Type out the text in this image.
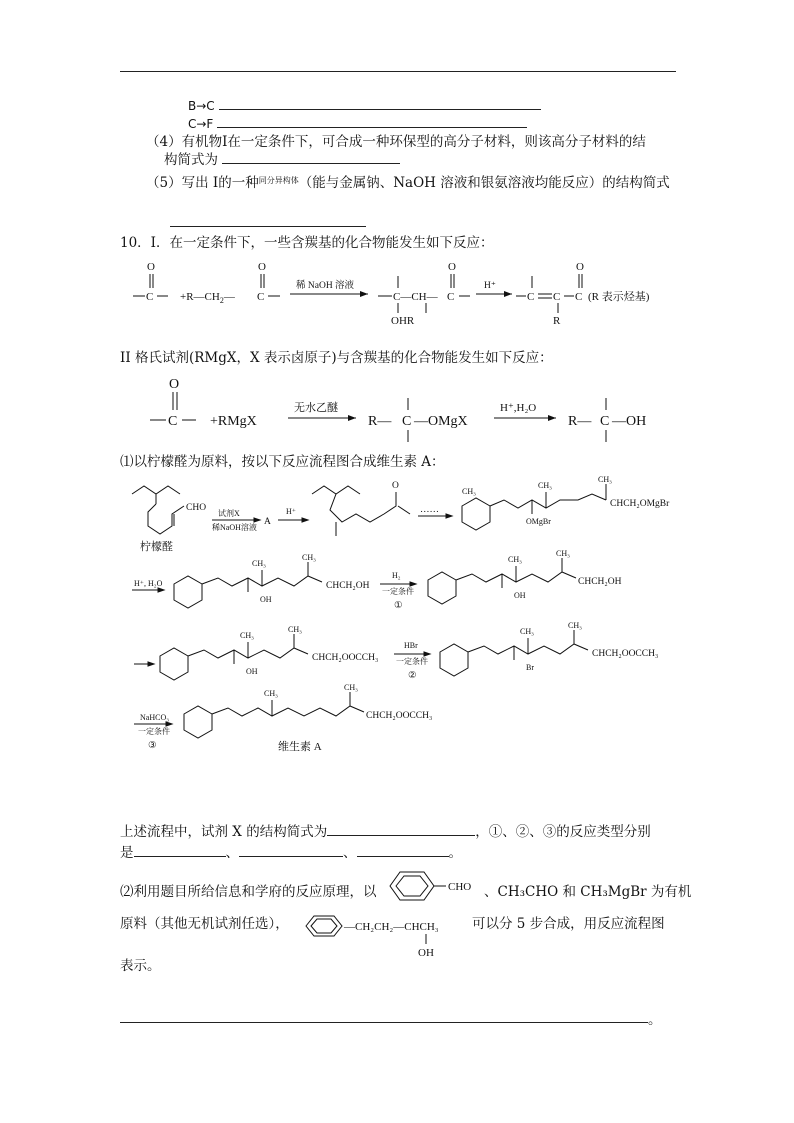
B→C
C→F
（4）有机物Ⅰ在一定条件下，可合成一种环保型的高分子材料，则该高分子材料的结
构简式为
（5）写出 Ⅰ的一种$^{同分异构体}$（能与金属钠、NaOH 溶液和银氨溶液均能反应）的结构简式
10．I．在一定条件下，一些含羰基的化合物能发生如下反应：
O
$C +R—CH_2—$ C
O
稀 NaOH 溶液
C—CH—
OHR
C
O
H⁺
C C
R
C
O
(R 表示烃基)
II 格氏试剂(RMgX，X 表示卤原子)与含羰基的化合物能发生如下反应：
O
C +RMgX
无水乙醚
R— C —OMgX
H⁺,H₂O
R— C —OH
⑴以柠檬醛为原料，按以下反应流程图合成维生素 A：
CHO
柠檬醛
试剂X
稀NaOH溶液
A
H⁺
O
……
CH₃
CH₃
CH₃
OMgBr
CHCH₂OMgBr
H⁺, H₂O
CH₃
CH₃
OH
CHCH₂OH
H₂
一定条件
①
CH₃
CH₃
OH
CHCH₂OH
CH₃
CH₃
OH
CHCH₂OOCCH₃
HBr
一定条件
②
CH₃
CH₃
Br
CHCH₂OOCCH₃
NaHCO₃
一定条件
③
CH₃
CH₃
CHCH₂OOCCH₃
维生素 A
上述流程中，试剂 X 的结构简式为	，①、②、③的反应类型分别
是	、	、	。
⑵利用题目所给信息和学府的反应原理，以	CHO 、CH₃CHO 和 CH₃MgBr 为有机
原料（其他无机试剂任选），	—CH₂CH₂—CHCH₃
OH
可以分 5 步合成，用反应流程图
表示。
。
